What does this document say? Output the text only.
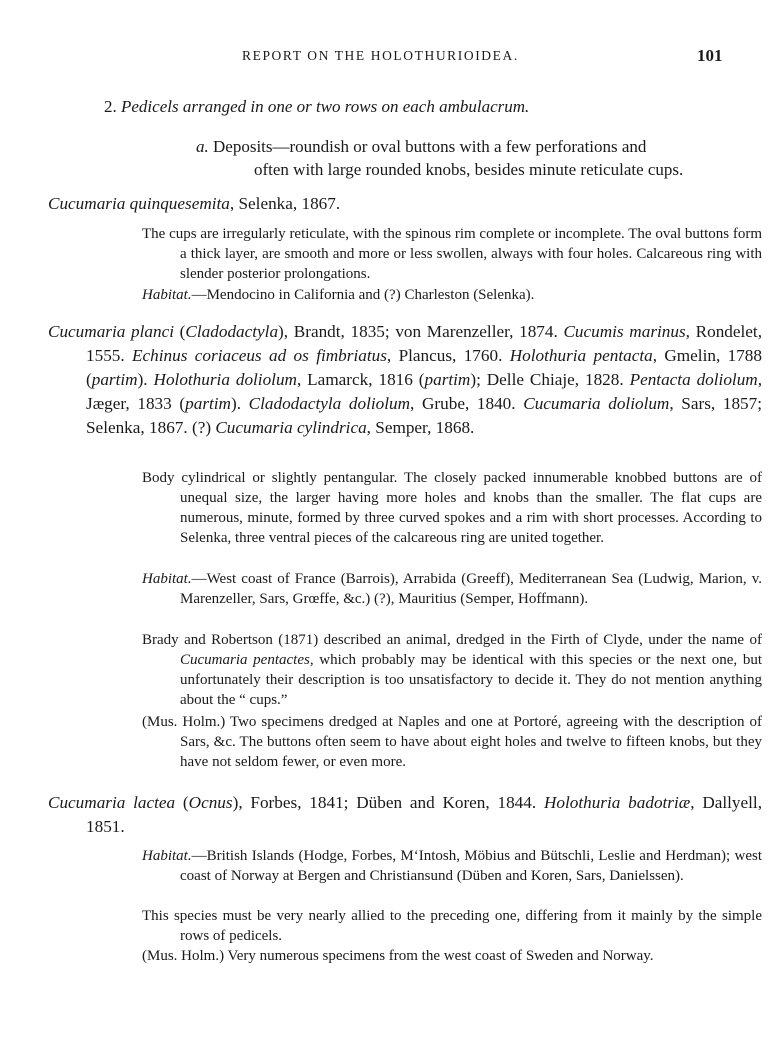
REPORT ON THE HOLOTHURIOIDEA.	101
2. Pedicels arranged in one or two rows on each ambulacrum.

a. Deposits—roundish or oval buttons with a few perforations and

often with large rounded knobs, besides minute reticulate cups.

Cucumaria quinquesemita, Selenka, 1867.
The cups are irregularly reticulate, with the spinous rim complete or incomplete. The oval buttons form a thick layer, are smooth and more or less swollen, always with four holes. Calcareous ring with slender posterior prolongations.
Habitat.—Mendocino in California and (?) Charleston (Selenka).
Cucumaria planci (Cladodactyla), Brandt, 1835; von Marenzeller, 1874. Cucumis marinus, Rondelet, 1555. Echinus coriaceus ad os fimbriatus, Plancus, 1760. Holothuria pentacta, Gmelin, 1788 (partim). Holothuria doliolum, Lamarck, 1816 (partim); Delle Chiaje, 1828. Pentacta doliolum, Jæger, 1833 (partim). Cladodactyla doliolum, Grube, 1840. Cucumaria doliolum, Sars, 1857; Selenka, 1867. (?) Cucumaria cylindrica, Semper, 1868.
Body cylindrical or slightly pentangular. The closely packed innumerable knobbed buttons are of unequal size, the larger having more holes and knobs than the smaller. The flat cups are numerous, minute, formed by three curved spokes and a rim with short processes. According to Selenka, three ventral pieces of the calcareous ring are united together.
Habitat.—West coast of France (Barrois), Arrabida (Greeff), Mediterranean Sea (Ludwig, Marion, v. Marenzeller, Sars, Grœffe, &c.) (?), Mauritius (Semper, Hoffmann).
Brady and Robertson (1871) described an animal, dredged in the Firth of Clyde, under the name of Cucumaria pentactes, which probably may be identical with this species or the next one, but unfortunately their description is too unsatisfactory to decide it. They do not mention anything about the “ cups.”
(Mus. Holm.) Two specimens dredged at Naples and one at Portoré, agreeing with the description of Sars, &c. The buttons often seem to have about eight holes and twelve to fifteen knobs, but they have not seldom fewer, or even more.
Cucumaria lactea (Ocnus), Forbes, 1841; Düben and Koren, 1844. Holothuria badotriæ, Dallyell, 1851.
Habitat.—British Islands (Hodge, Forbes, M‘Intosh, Möbius and Bütschli, Leslie and Herdman); west coast of Norway at Bergen and Christiansund (Düben and Koren, Sars, Danielssen).
This species must be very nearly allied to the preceding one, differing from it mainly by the simple rows of pedicels.
(Mus. Holm.) Very numerous specimens from the west coast of Sweden and Norway.
